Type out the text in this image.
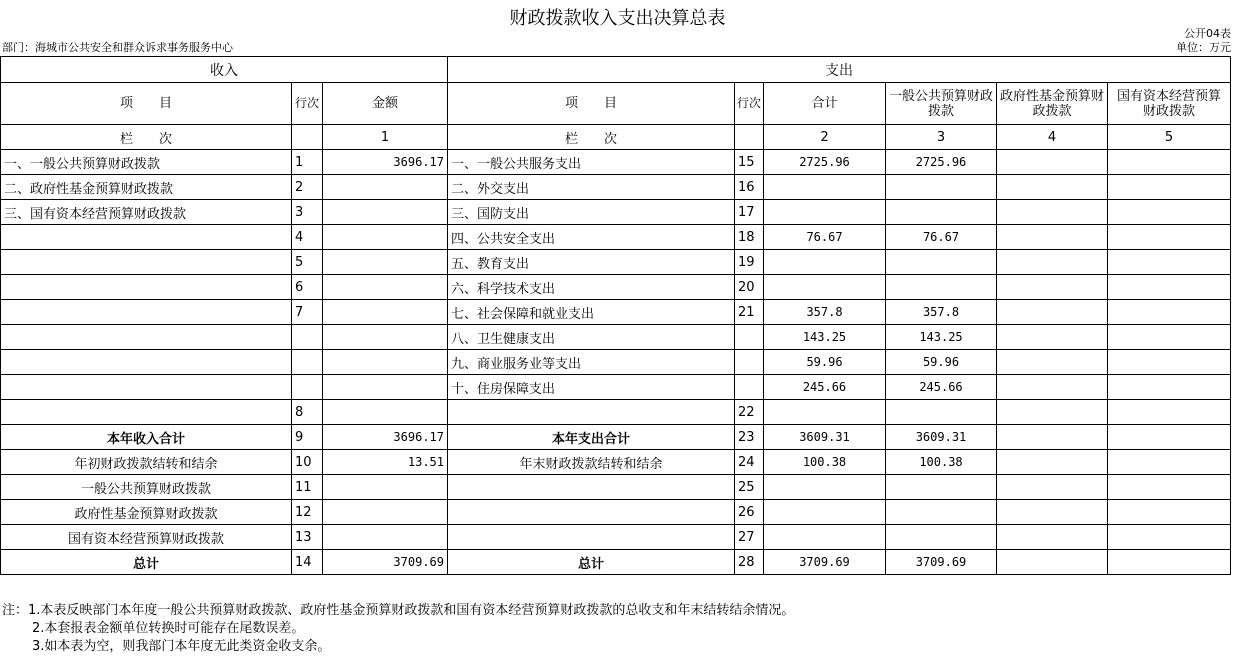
财政拨款收入支出决算总表
公开04表
部门：海城市公共安全和群众诉求事务服务中心	单位：万元
收入			支出					
项　　目	行次	金额	项　　目	行次	合计	一般公共预算财政拨款	政府性基金预算财政拨款	国有资本经营预算财政拨款
栏　　次		1	栏　　次		2	3	4	5
一、一般公共预算财政拨款	1	3696.17	一、一般公共服务支出	15	2725.96	2725.96		
二、政府性基金预算财政拨款	2		二、外交支出	16				
三、国有资本经营预算财政拨款	3		三、国防支出	17				
	4		四、公共安全支出	18	76.67	76.67		
	5		五、教育支出	19				
	6		六、科学技术支出	20				
	7		七、社会保障和就业支出	21	357.8	357.8		
			八、卫生健康支出		143.25	143.25		
			九、商业服务业等支出		59.96	59.96		
			十、住房保障支出		245.66	245.66		
	8			22				
本年收入合计	9	3696.17	本年支出合计	23	3609.31	3609.31		
年初财政拨款结转和结余	10	13.51	年末财政拨款结转和结余	24	100.38	100.38		
一般公共预算财政拨款	11			25				
政府性基金预算财政拨款	12			26				
国有资本经营预算财政拨款	13			27				
总计	14	3709.69	总计	28	3709.69	3709.69		
注：1.本表反映部门本年度一般公共预算财政拨款、政府性基金预算财政拨款和国有资本经营预算财政拨款的总收支和年末结转结余情况。
2.本套报表金额单位转换时可能存在尾数误差。
3.如本表为空，则我部门本年度无此类资金收支余。
